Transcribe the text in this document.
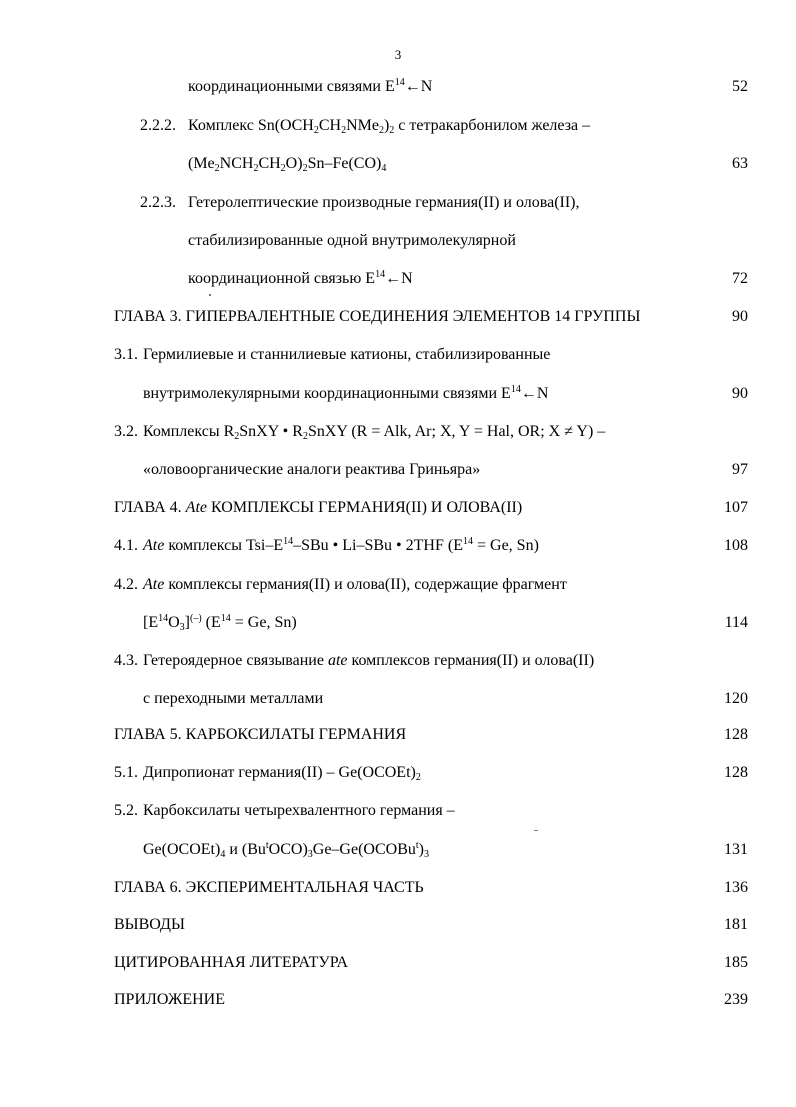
3
координационными связями $E^{14}\leftarrow N$	52
2.2.2. Комплекс $Sn(OCH_2CH_2NMe_2)_2$ с тетракарбонилом железа –
$(Me_2NCH_2CH_2O)_2Sn-Fe(CO)_4$	63
2.2.3. Гетеролептические производные германия(II) и олова(II),
стабилизированные одной внутримолекулярной
координационной связью $E^{14}\leftarrow N$	72
ГЛАВА 3. ГИПЕРВАЛЕНТНЫЕ СОЕДИНЕНИЯ ЭЛЕМЕНТОВ 14 ГРУППЫ	90
3.1. Гермилиевые и станнилиевые катионы, стабилизированные
внутримолекулярными координационными связями $E^{14}\leftarrow N$	90
3.2. Комплексы $R_2SnXY$ • $R_2SnXY$ (R = Alk, Ar; X, Y = Hal, OR; X ≠ Y) –
«оловоорганические аналоги реактива Гриньяра»	97
ГЛАВА 4. Ate КОМПЛЕКСЫ ГЕРМАНИЯ(II) И ОЛОВА(II)	107
4.1. Ate комплексы Tsi–$E^{14}$–SBu • Li–SBu • 2THF ($E^{14} = Ge$, Sn)	108
4.2. Ate комплексы германия(II) и олова(II), содержащие фрагмент
$[E^{14}O_3]^{(-)}$ ($E^{14} = Ge$, Sn)	114
4.3. Гетероядерное связывание ate комплексов германия(II) и олова(II)
с переходными металлами	120
ГЛАВА 5. КАРБОКСИЛАТЫ ГЕРМАНИЯ	128
5.1. Дипропионат германия(II) – $Ge(OCOEt)_2$	128
5.2. Карбоксилаты четырехвалентного германия –
$Ge(OCOEt)_4$ и $(Bu^tOCO)_3Ge-Ge(OCOBu^t)_3$	131
ГЛАВА 6. ЭКСПЕРИМЕНТАЛЬНАЯ ЧАСТЬ	136
ВЫВОДЫ	181
ЦИТИРОВАННАЯ ЛИТЕРАТУРА	185
ПРИЛОЖЕНИЕ	239
